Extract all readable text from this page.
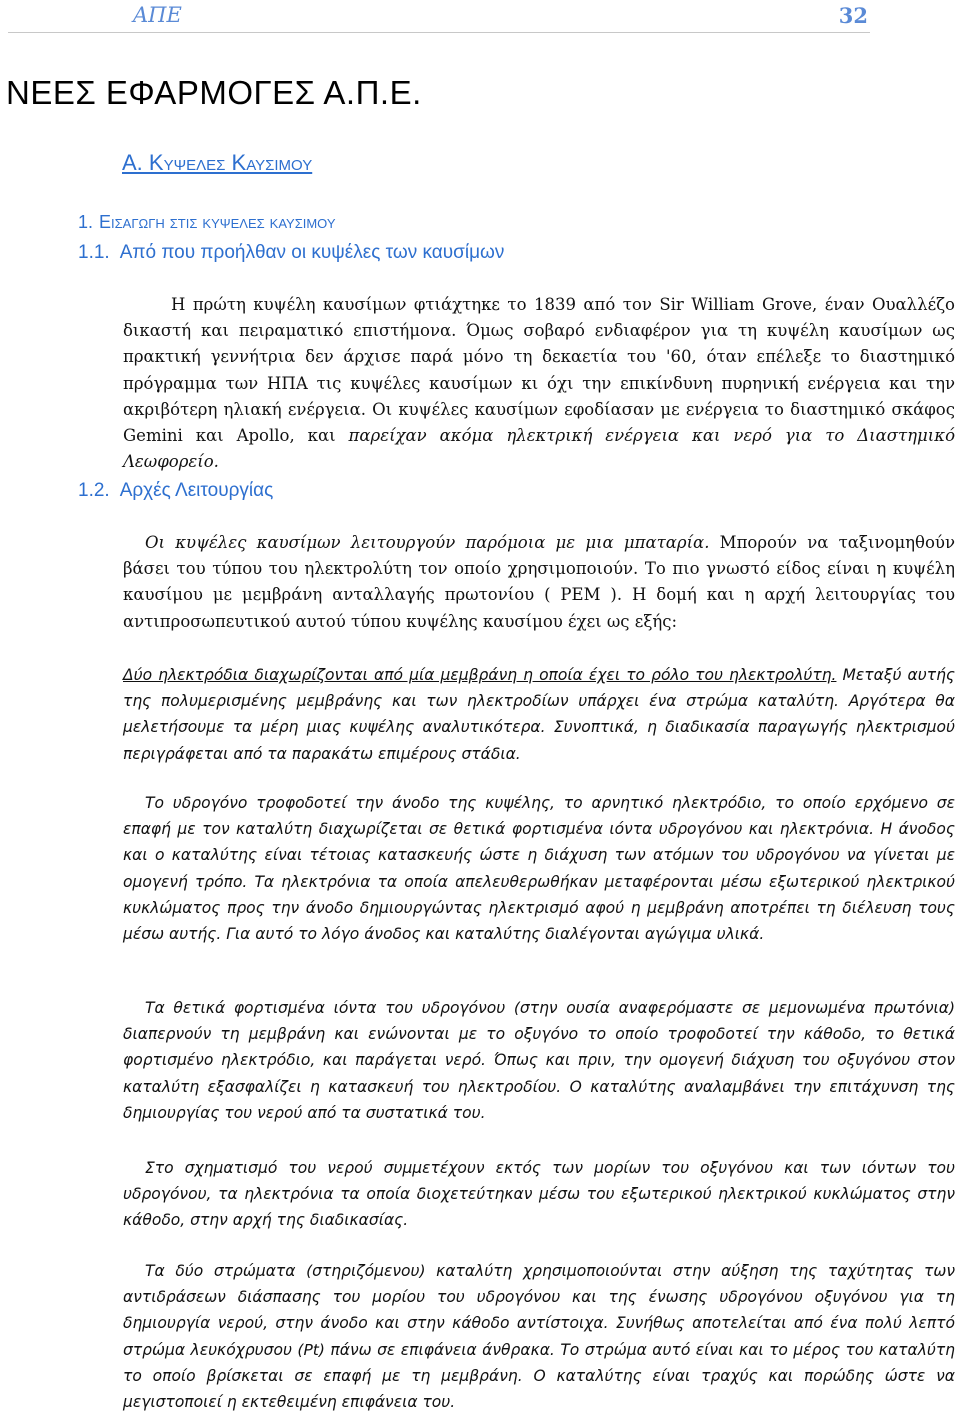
ΑΠΕ	32
ΝΕΕΣ ΕΦΑΡΜΟΓΕΣ Α.Π.Ε.
Α. Κυψελες Καυσιμου
1. Εισαγωγη στις κυψελες καυσιμου
1.1. Από που προήλθαν οι κυψέλες των καυσίμων

Η πρώτη κυψέλη καυσίμων φτιάχτηκε το 1839 από τον Sir William Grove, έναν Ουαλλέζο δικαστή και πειραματικό επιστήμονα. Όμως σοβαρό ενδιαφέρον για τη κυψέλη καυσίμων ως πρακτική γεννήτρια δεν άρχισε παρά μόνο τη δεκαετία του '60, όταν επέλεξε το διαστημικό πρόγραμμα των ΗΠΑ τις κυψέλες καυσίμων κι όχι την επικίνδυνη πυρηνική ενέργεια και την ακριβότερη ηλιακή ενέργεια. Οι κυψέλες καυσίμων εφοδίασαν με ενέργεια το διαστημικό σκάφος Gemini και Apollo, και παρείχαν ακόμα ηλεκτρική ενέργεια και νερό για το Διαστημικό Λεωφορείο.

1.2. Αρχές Λειτουργίας

Οι κυψέλες καυσίμων λειτουργούν παρόμοια με μια μπαταρία. Μπορούν να ταξινομηθούν βάσει του τύπου του ηλεκτρολύτη τον οποίο χρησιμοποιούν. Το πιο γνωστό είδος είναι η κυψέλη καυσίμου με μεμβράνη ανταλλαγής πρωτονίου ( PEM ). Η δομή και η αρχή λειτουργίας του αντιπροσωπευτικού αυτού τύπου κυψέλης καυσίμου έχει ως εξής:

Δύο ηλεκτρόδια διαχωρίζονται από μία μεμβράνη η οποία έχει το ρόλο του ηλεκτρολύτη. Μεταξύ αυτής της πολυμερισμένης μεμβράνης και των ηλεκτροδίων υπάρχει ένα στρώμα καταλύτη. Αργότερα θα μελετήσουμε τα μέρη μιας κυψέλης αναλυτικότερα. Συνοπτικά, η διαδικασία παραγωγής ηλεκτρισμού περιγράφεται από τα παρακάτω επιμέρους στάδια.

Το υδρογόνο τροφοδοτεί την άνοδο της κυψέλης, το αρνητικό ηλεκτρόδιο, το οποίο ερχόμενο σε επαφή με τον καταλύτη διαχωρίζεται σε θετικά φορτισμένα ιόντα υδρογόνου και ηλεκτρόνια. Η άνοδος και ο καταλύτης είναι τέτοιας κατασκευής ώστε η διάχυση των ατόμων του υδρογόνου να γίνεται με ομογενή τρόπο. Τα ηλεκτρόνια τα οποία απελευθερωθήκαν μεταφέρονται μέσω εξωτερικού ηλεκτρικού κυκλώματος προς την άνοδο δημιουργώντας ηλεκτρισμό αφού η μεμβράνη αποτρέπει τη διέλευση τους μέσω αυτής. Για αυτό το λόγο άνοδος και καταλύτης διαλέγονται αγώγιμα υλικά.

Τα θετικά φορτισμένα ιόντα του υδρογόνου (στην ουσία αναφερόμαστε σε μεμονωμένα πρωτόνια) διαπερνούν τη μεμβράνη και ενώνονται με το οξυγόνο το οποίο τροφοδοτεί την κάθοδο, το θετικά φορτισμένο ηλεκτρόδιο, και παράγεται νερό. Όπως και πριν, την ομογενή διάχυση του οξυγόνου στον καταλύτη εξασφαλίζει η κατασκευή του ηλεκτροδίου. Ο καταλύτης αναλαμβάνει την επιτάχυνση της δημιουργίας του νερού από τα συστατικά του.

Στο σχηματισμό του νερού συμμετέχουν εκτός των μορίων του οξυγόνου και των ιόντων του υδρογόνου, τα ηλεκτρόνια τα οποία διοχετεύτηκαν μέσω του εξωτερικού ηλεκτρικού κυκλώματος στην κάθοδο, στην αρχή της διαδικασίας.

Τα δύο στρώματα (στηριζόμενου) καταλύτη χρησιμοποιούνται στην αύξηση της ταχύτητας των αντιδράσεων διάσπασης του μορίου του υδρογόνου και της ένωσης υδρογόνου οξυγόνου για τη δημιουργία νερού, στην άνοδο και στην κάθοδο αντίστοιχα. Συνήθως αποτελείται από ένα πολύ λεπτό στρώμα λευκόχρυσου (Pt) πάνω σε επιφάνεια άνθρακα. Το στρώμα αυτό είναι και το μέρος του καταλύτη το οποίο βρίσκεται σε επαφή με τη μεμβράνη. Ο καταλύτης είναι τραχύς και πορώδης ώστε να μεγιστοποιεί η εκτεθειμένη επιφάνεια του.
